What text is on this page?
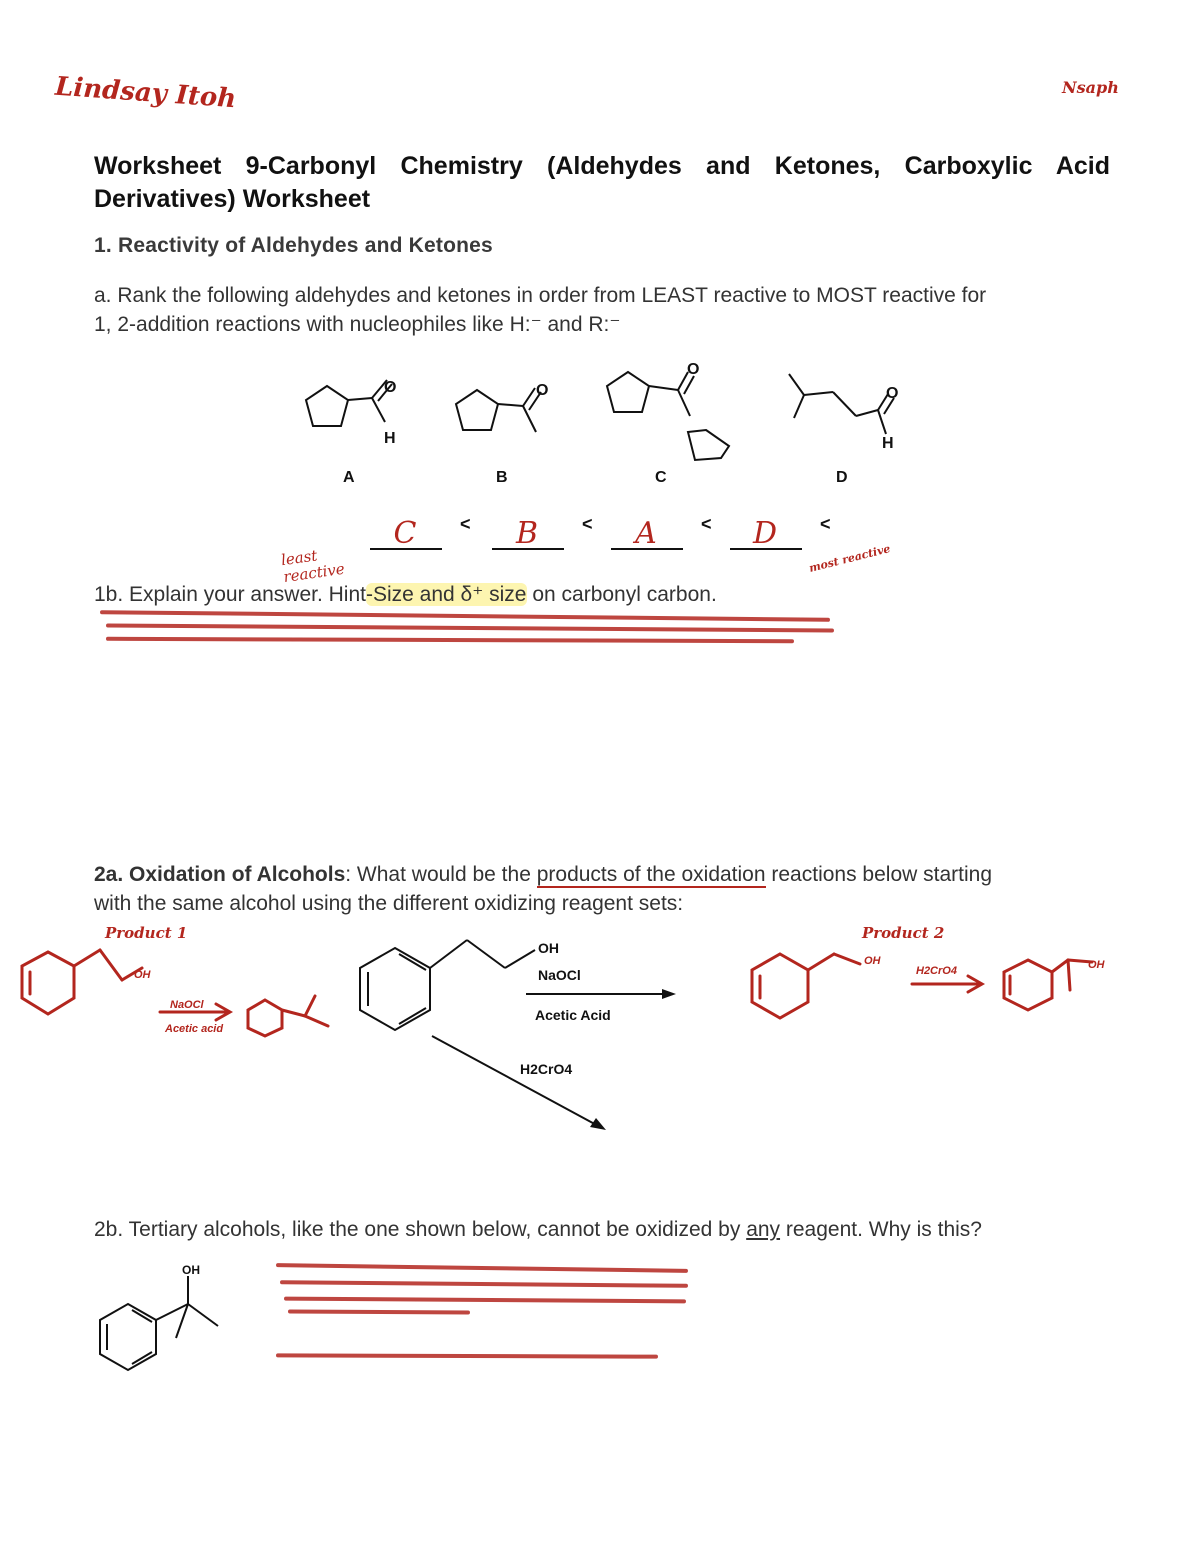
Lindsay Itoh	Nsaph
Worksheet 9-Carbonyl Chemistry (Aldehydes and Ketones, Carboxylic Acid Derivatives) Worksheet
1. Reactivity of Aldehydes and Ketones
a. Rank the following aldehydes and ketones in order from LEAST reactive to MOST reactive for
1, 2-addition reactions with nucleophiles like H:⁻ and R:⁻
O
H
O
O
O
H
A	B	C	D
C	B	A	D
<	<	<	<
least reactive	most reactive
1b. Explain your answer. Hint-Size and δ⁺ size on carbonyl carbon.
2a. Oxidation of Alcohols: What would be the products of the oxidation reactions below starting
with the same alcohol using the different oxidizing reagent sets:
OH
NaOCl
Acetic Acid
H2CrO4
Product 1
OH
NaOCl
Acetic acid
Product 2
OH
H2CrO4	OH
2b. Tertiary alcohols, like the one shown below, cannot be oxidized by any reagent. Why is this?
OH
